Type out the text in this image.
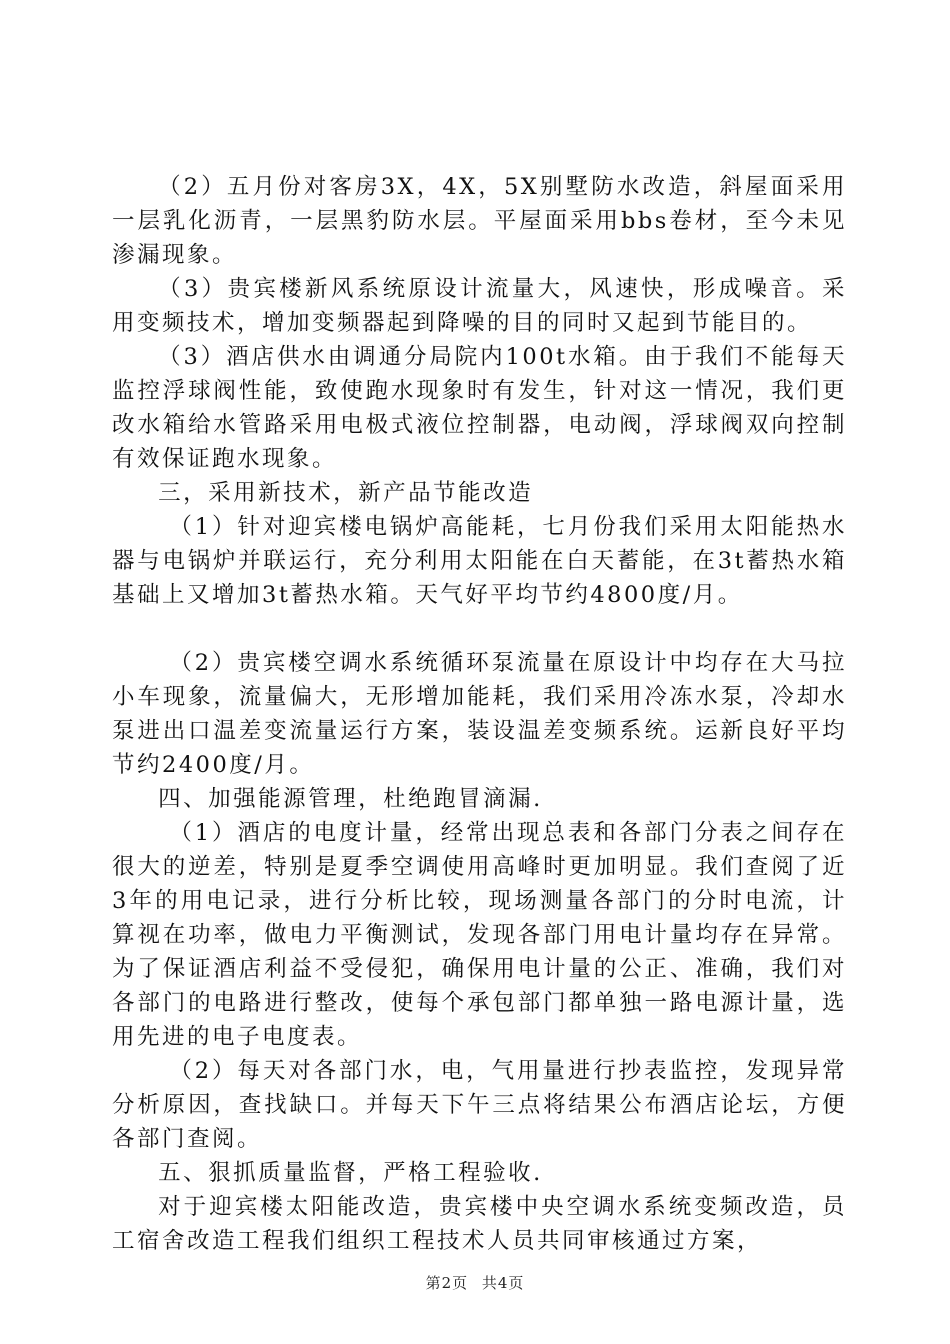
（2）五月份对客房3X，4X，5X别墅防水改造，斜屋面采用一层乳化沥青，一层黑豹防水层。平屋面采用bbs卷材，至今未见渗漏现象。

（3）贵宾楼新风系统原设计流量大，风速快，形成噪音。采用变频技术，增加变频器起到降噪的目的同时又起到节能目的。

（3）酒店供水由调通分局院内100t水箱。由于我们不能每天监控浮球阀性能，致使跑水现象时有发生，针对这一情况，我们更改水箱给水管路采用电极式液位控制器，电动阀，浮球阀双向控制有效保证跑水现象。

三，采用新技术，新产品节能改造

（1）针对迎宾楼电锅炉高能耗，七月份我们采用太阳能热水器与电锅炉并联运行，充分利用太阳能在白天蓄能，在3t蓄热水箱基础上又增加3t蓄热水箱。天气好平均节约4800度/月。

（2）贵宾楼空调水系统循环泵流量在原设计中均存在大马拉小车现象，流量偏大，无形增加能耗，我们采用冷冻水泵，冷却水泵进出口温差变流量运行方案，装设温差变频系统。运新良好平均节约2400度/月。

四、加强能源管理，杜绝跑冒滴漏.

（1）酒店的电度计量，经常出现总表和各部门分表之间存在很大的逆差，特别是夏季空调使用高峰时更加明显。我们查阅了近3年的用电记录，进行分析比较，现场测量各部门的分时电流，计算视在功率，做电力平衡测试，发现各部门用电计量均存在异常。为了保证酒店利益不受侵犯，确保用电计量的公正、准确，我们对各部门的电路进行整改，使每个承包部门都单独一路电源计量，选用先进的电子电度表。

（2）每天对各部门水，电，气用量进行抄表监控，发现异常分析原因，查找缺口。并每天下午三点将结果公布酒店论坛，方便各部门查阅。

五、狠抓质量监督，严格工程验收.

对于迎宾楼太阳能改造，贵宾楼中央空调水系统变频改造，员工宿舍改造工程我们组织工程技术人员共同审核通过方案，

第2页 共4页
